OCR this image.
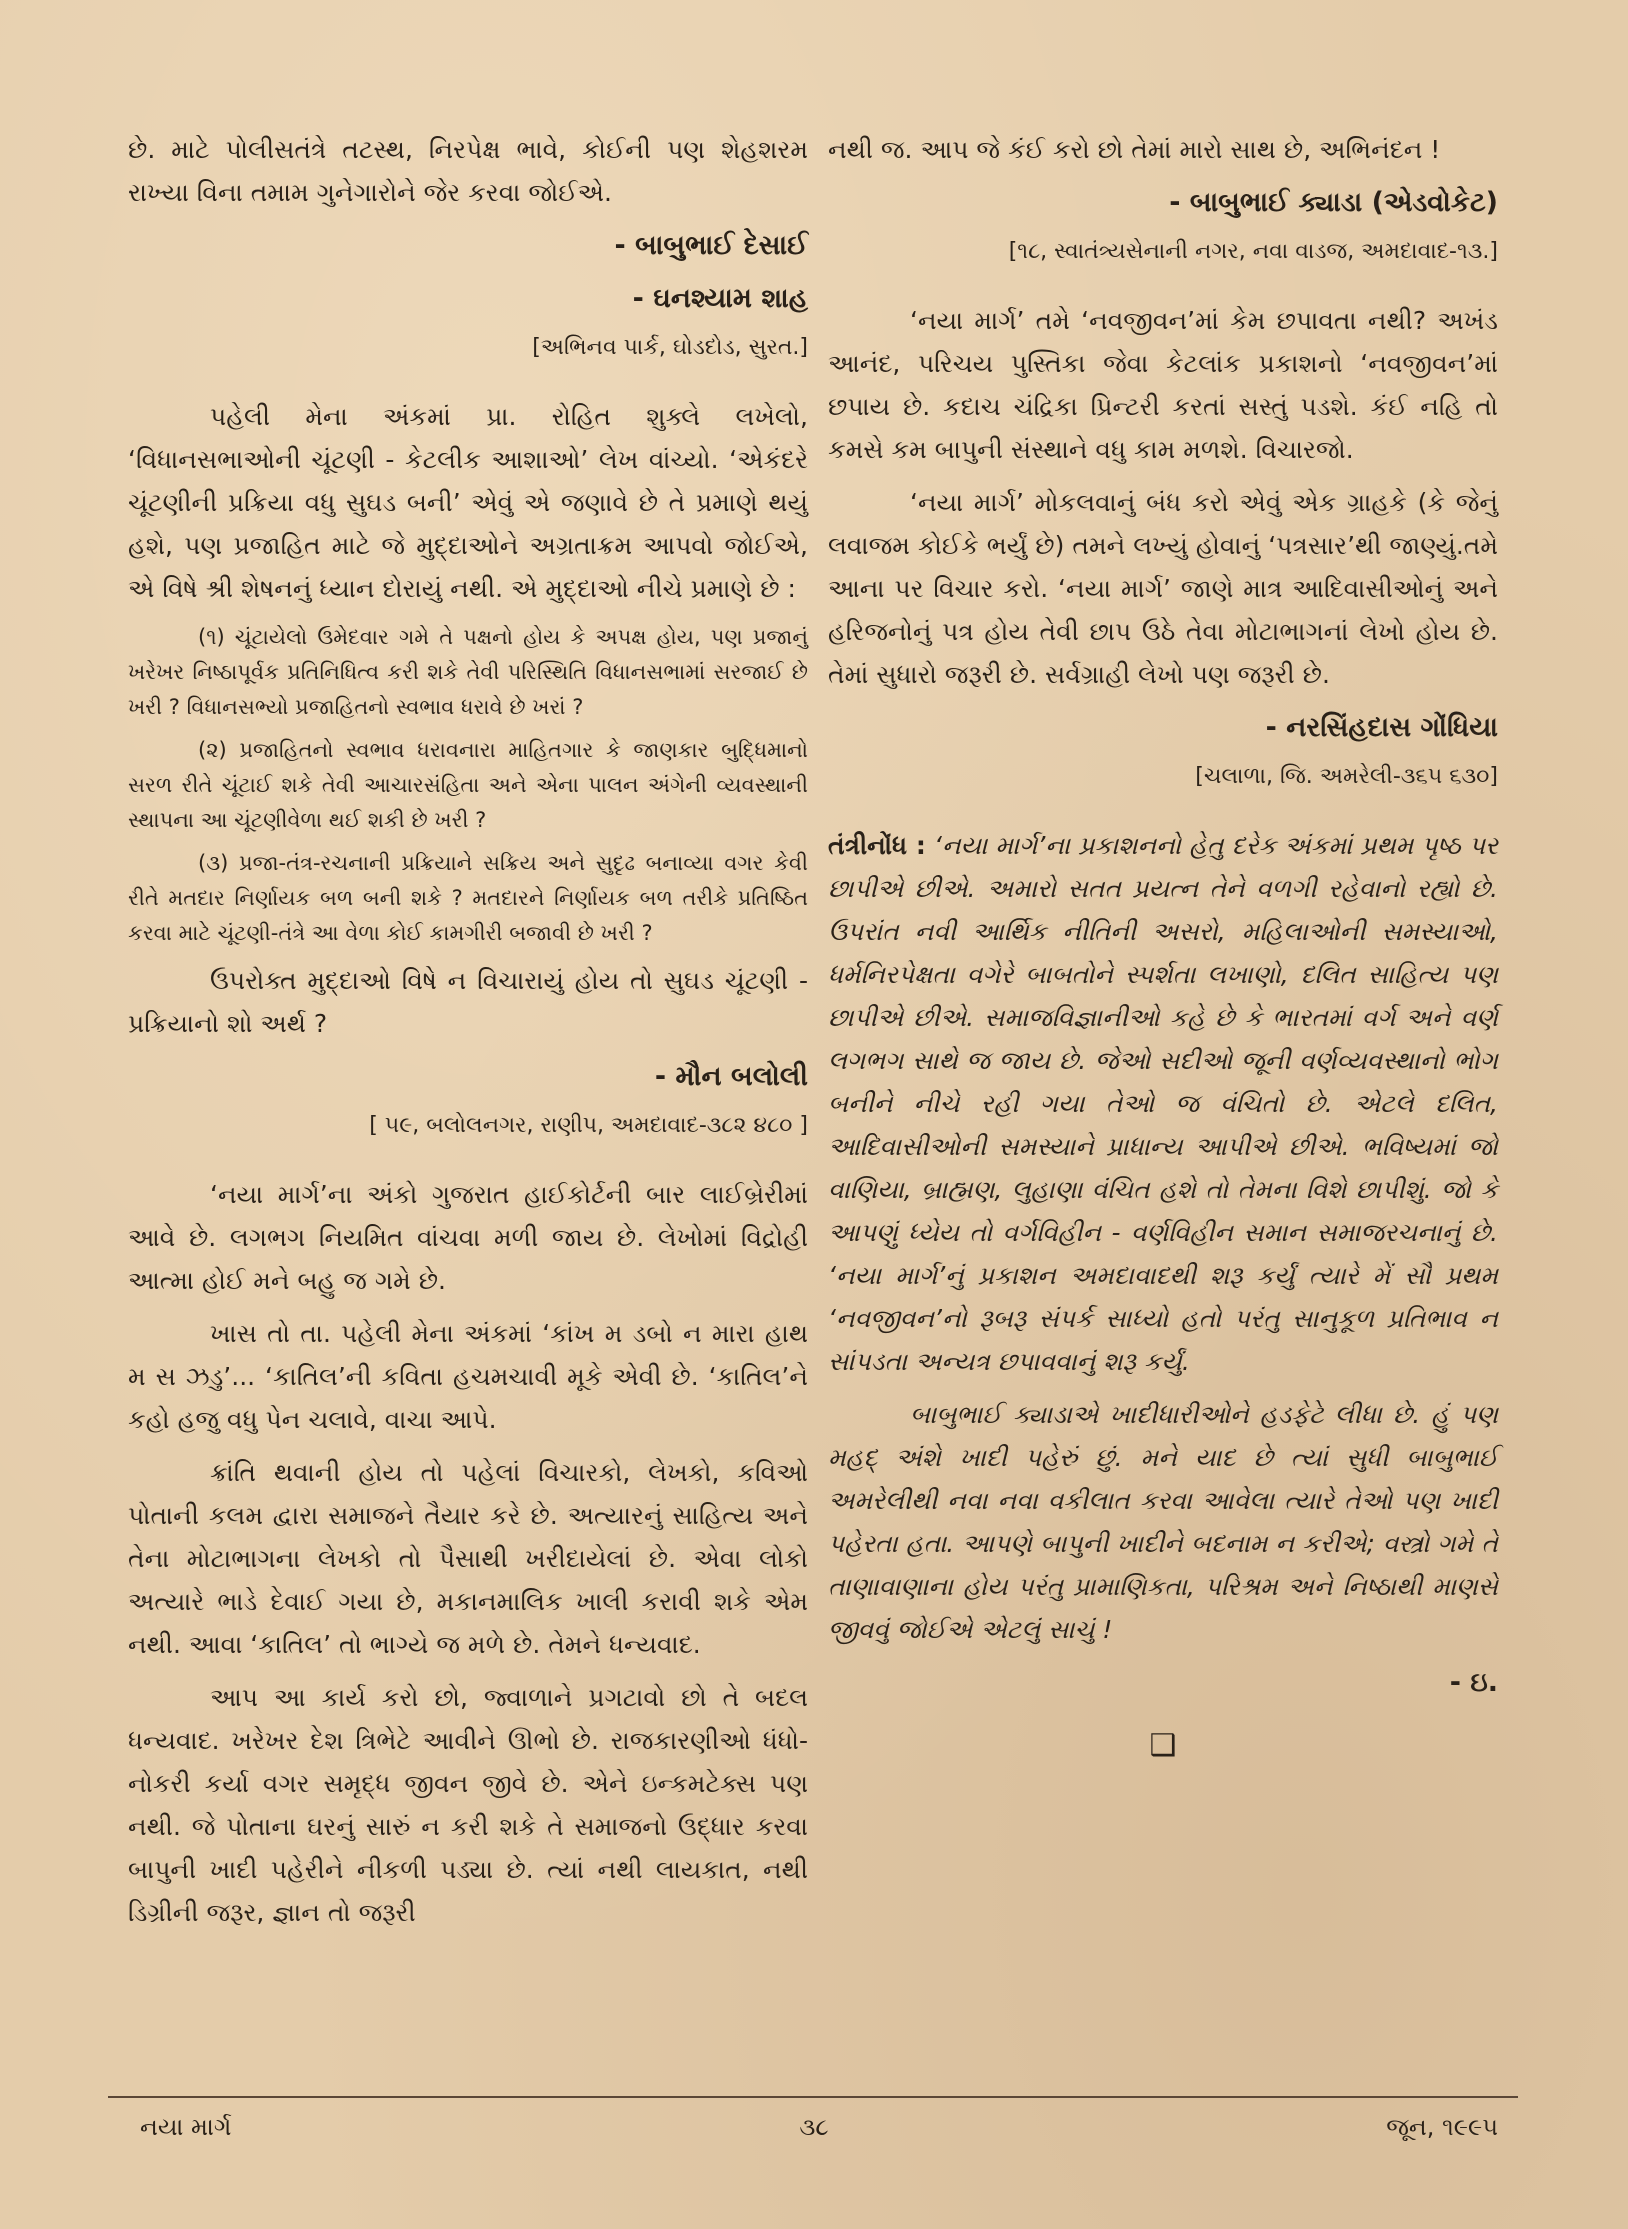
છે. માટે પોલીસતંત્રે તટસ્થ, નિરપેક્ષ ભાવે, કોઈની પણ શેહશરમ રાખ્યા વિના તમામ ગુનેગારોને જેર કરવા જોઈએ.

- બાબુભાઈ દેસાઈ
- ઘનશ્યામ શાહ
[અભિનવ પાર્ક, ઘોડદોડ, સુરત.]

પહેલી મેના અંકમાં પ્રા. રોહિત શુક્લે લખેલો, ‘વિધાનસભાઓની ચૂંટણી - કેટલીક આશાઓ’ લેખ વાંચ્યો. ‘એકંદરે ચૂંટણીની પ્રક્રિયા વધુ સુઘડ બની’ એવું એ જણાવે છે તે પ્રમાણે થયું હશે, પણ પ્રજાહિત માટે જે મુદ્દાઓને અગ્રતાક્રમ આપવો જોઈએ, એ વિષે શ્રી શેષનનું ધ્યાન દોરાયું નથી. એ મુદ્દાઓ નીચે પ્રમાણે છે :

(૧) ચૂંટાયેલો ઉમેદવાર ગમે તે પક્ષનો હોય કે અપક્ષ હોય, પણ પ્રજાનું ખરેખર નિષ્ઠાપૂર્વક પ્રતિનિધિત્વ કરી શકે તેવી પરિસ્થિતિ વિધાનસભામાં સરજાઈ છે ખરી ? વિધાનસભ્યો પ્રજાહિતનો સ્વભાવ ધરાવે છે ખરાં ?

(૨) પ્રજાહિતનો સ્વભાવ ધરાવનારા માહિતગાર કે જાણકાર બુદ્ધિમાનો સરળ રીતે ચૂંટાઈ શકે તેવી આચારસંહિતા અને એના પાલન અંગેની વ્યવસ્થાની સ્થાપના આ ચૂંટણીવેળા થઈ શકી છે ખરી ?

(૩) પ્રજા-તંત્ર-રચનાની પ્રક્રિયાને સક્રિય અને સુદૃઢ બનાવ્યા વગર કેવી રીતે મતદાર નિર્ણાયક બળ બની શકે ? મતદારને નિર્ણાયક બળ તરીકે પ્રતિષ્ઠિત કરવા માટે ચૂંટણી-તંત્રે આ વેળા કોઈ કામગીરી બજાવી છે ખરી ?

ઉપરોક્ત મુદ્દાઓ વિષે ન વિચારાયું હોય તો સુઘડ ચૂંટણી - પ્રક્રિયાનો શો અર્થ ?

- મૌન બલોલી
[ ૫૯, બલોલનગર, રાણીપ, અમદાવાદ-૩૮૨ ૪૮૦ ]

‘નયા માર્ગ’ના અંકો ગુજરાત હાઈકોર્ટની બાર લાઈબ્રેરીમાં આવે છે. લગભગ નિયમિત વાંચવા મળી જાય છે. લેખોમાં વિદ્રોહી આત્મા હોઈ મને બહુ જ ગમે છે.

ખાસ તો તા. પહેલી મેના અંકમાં ‘કાંખ મ ડબો ન મારા હાથ મ સ ઝડુ’... ‘કાતિલ’ની કવિતા હચમચાવી મૂકે એવી છે. ‘કાતિલ’ને કહો હજુ વધુ પેન ચલાવે, વાચા આપે.

ક્રાંતિ થવાની હોય તો પહેલાં વિચારકો, લેખકો, કવિઓ પોતાની કલમ દ્વારા સમાજને તૈયાર કરે છે. અત્યારનું સાહિત્ય અને તેના મોટાભાગના લેખકો તો પૈસાથી ખરીદાયેલાં છે. એવા લોકો અત્યારે ભાડે દેવાઈ ગયા છે, મકાનમાલિક ખાલી કરાવી શકે એમ નથી. આવા ‘કાતિલ’ તો ભાગ્યે જ મળે છે. તેમને ધન્યવાદ.

આપ આ કાર્ય કરો છો, જ્વાળાને પ્રગટાવો છો તે બદલ ધન્યવાદ. ખરેખર દેશ ત્રિભેટે આવીને ઊભો છે. રાજકારણીઓ ધંધો-નોકરી કર્યા વગર સમૃદ્ધ જીવન જીવે છે. એને ઇન્કમટેક્સ પણ નથી. જે પોતાના ઘરનું સારું ન કરી શકે તે સમાજનો ઉદ્ધાર કરવા બાપુની ખાદી પહેરીને નીકળી પડ્યા છે. ત્યાં નથી લાયકાત, નથી ડિગ્રીની જરૂર, જ્ઞાન તો જરૂરી

નથી જ. આપ જે કંઈ કરો છો તેમાં મારો સાથ છે, અભિનંદન !

- બાબુભાઈ ક્યાડા (એડવોકેટ)
[૧૮, સ્વાતંત્ર્યસેનાની નગર, નવા વાડજ, અમદાવાદ-૧૩.]

‘નયા માર્ગ’ તમે ‘નવજીવન’માં કેમ છપાવતા નથી? અખંડ આનંદ, પરિચય પુસ્તિકા જેવા કેટલાંક પ્રકાશનો ‘નવજીવન’માં છપાય છે. કદાચ ચંદ્રિકા પ્રિન્ટરી કરતાં સસ્તું પડશે. કંઈ નહિ તો કમસે કમ બાપુની સંસ્થાને વધુ કામ મળશે. વિચારજો.

‘નયા માર્ગ’ મોકલવાનું બંધ કરો એવું એક ગ્રાહકે (કે જેનું લવાજમ કોઈકે ભર્યું છે) તમને લખ્યું હોવાનું ‘પત્રસાર’થી જાણ્યું.તમે આના પર વિચાર કરો. ‘નયા માર્ગ’ જાણે માત્ર આદિવાસીઓનું અને હરિજનોનું પત્ર હોય તેવી છાપ ઉઠે તેવા મોટાભાગનાં લેખો હોય છે. તેમાં સુધારો જરૂરી છે. સર્વગ્રાહી લેખો પણ જરૂરી છે.

- નરસિંહદાસ ગોંધિયા
[ચલાળા, જિ. અમરેલી-૩૬૫ ૬૩૦]

તંત્રીનોંધ : ‘નયા માર્ગ’ના પ્રકાશનનો હેતુ દરેક અંકમાં પ્રથમ પૃષ્ઠ પર છાપીએ છીએ. અમારો સતત પ્રયત્ન તેને વળગી રહેવાનો રહ્યો છે. ઉપરાંત નવી આર્થિક નીતિની અસરો, મહિલાઓની સમસ્યાઓ, ધર્મનિરપેક્ષતા વગેરે બાબતોને સ્પર્શતા લખાણો, દલિત સાહિત્ય પણ છાપીએ છીએ. સમાજવિજ્ઞાનીઓ કહે છે કે ભારતમાં વર્ગ અને વર્ણ લગભગ સાથે જ જાય છે. જેઓ સદીઓ જૂની વર્ણવ્યવસ્થાનો ભોગ બનીને નીચે રહી ગયા તેઓ જ વંચિતો છે. એટલે દલિત, આદિવાસીઓની સમસ્યાને પ્રાધાન્ય આપીએ છીએ. ભવિષ્યમાં જો વાણિયા, બ્રાહ્મણ, લુહાણા વંચિત હશે તો તેમના વિશે છાપીશું. જો કે આપણું ધ્યેય તો વર્ગવિહીન - વર્ણવિહીન સમાન સમાજરચનાનું છે. ‘નયા માર્ગ’નું પ્રકાશન અમદાવાદથી શરૂ કર્યું ત્યારે મેં સૌ પ્રથમ ‘નવજીવન’નો રૂબરૂ સંપર્ક સાધ્યો હતો પરંતુ સાનુકૂળ પ્રતિભાવ ન સાંપડતા અન્યત્ર છપાવવાનું શરૂ કર્યું.

બાબુભાઈ ક્યાડાએ ખાદીધારીઓને હડફેટે લીધા છે. હું પણ મહદ્ અંશે ખાદી પહેરું છું. મને યાદ છે ત્યાં સુધી બાબુભાઈ અમરેલીથી નવા નવા વકીલાત કરવા આવેલા ત્યારે તેઓ પણ ખાદી પહેરતા હતા. આપણે બાપુની ખાદીને બદનામ ન કરીએ; વસ્ત્રો ગમે તે તાણાવાણાના હોય પરંતુ પ્રામાણિકતા, પરિશ્રમ અને નિષ્ઠાથી માણસે જીવવું જોઈએ એટલું સાચું !

- ઇ.
❑
નયા માર્ગ	૩૮	જૂન, ૧૯૯૫
